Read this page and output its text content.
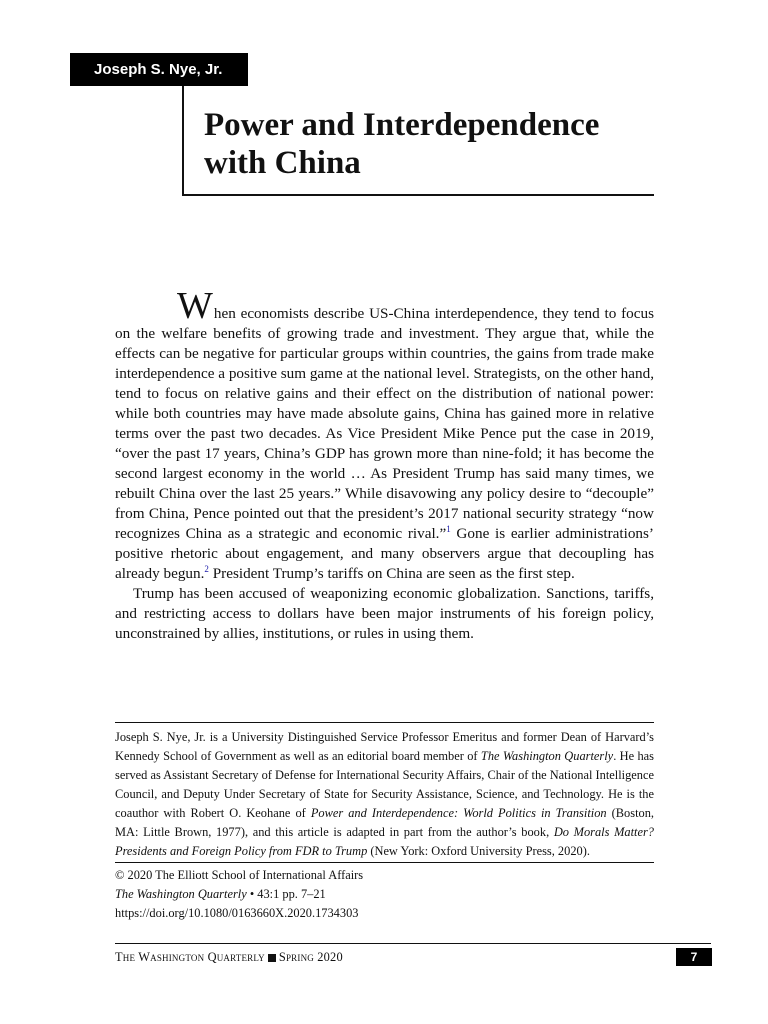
Joseph S. Nye, Jr.
Power and Interdependence with China

When economists describe US-China interdependence, they tend to focus on the welfare benefits of growing trade and investment. They argue that, while the effects can be negative for particular groups within countries, the gains from trade make interdependence a positive sum game at the national level. Strategists, on the other hand, tend to focus on relative gains and their effect on the distribution of national power: while both countries may have made absolute gains, China has gained more in relative terms over the past two decades. As Vice President Mike Pence put the case in 2019, “over the past 17 years, China’s GDP has grown more than nine-fold; it has become the second largest economy in the world … As President Trump has said many times, we rebuilt China over the last 25 years.” While disavowing any policy desire to “decouple” from China, Pence pointed out that the president’s 2017 national security strategy “now recognizes China as a strategic and economic rival.”$^1$ Gone is earlier administrations’ positive rhetoric about engagement, and many observers argue that decoupling has already begun.$^2$ President Trump’s tariffs on China are seen as the first step.

Trump has been accused of weaponizing economic globalization. Sanctions, tariffs, and restricting access to dollars have been major instruments of his foreign policy, unconstrained by allies, institutions, or rules in using them.

Joseph S. Nye, Jr. is a University Distinguished Service Professor Emeritus and former Dean of Harvard’s Kennedy School of Government as well as an editorial board member of The Washington Quarterly. He has served as Assistant Secretary of Defense for International Security Affairs, Chair of the National Intelligence Council, and Deputy Under Secretary of State for Security Assistance, Science, and Technology. He is the coauthor with Robert O. Keohane of Power and Interdependence: World Politics in Transition (Boston, MA: Little Brown, 1977), and this article is adapted in part from the author’s book, Do Morals Matter? Presidents and Foreign Policy from FDR to Trump (New York: Oxford University Press, 2020).
© 2020 The Elliott School of International Affairs
The Washington Quarterly • 43:1 pp. 7–21
https://doi.org/10.1080/0163660X.2020.1734303
The Washington Quarterly Spring 2020	7
